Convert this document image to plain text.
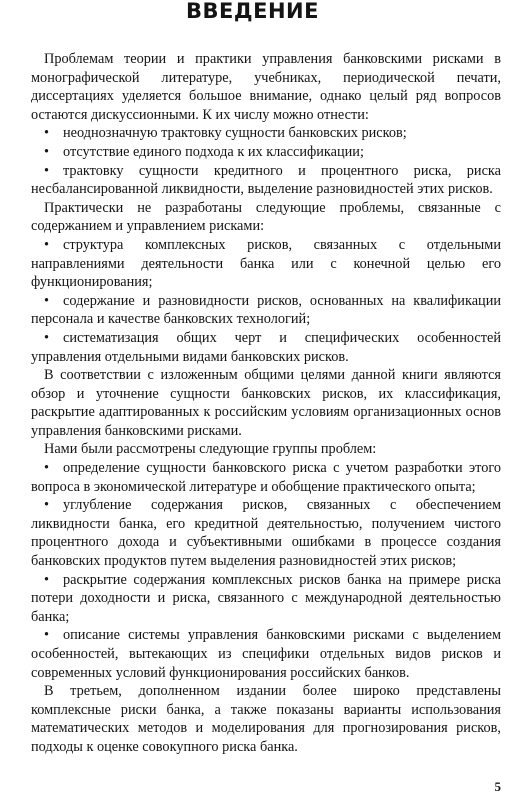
ВВЕДЕНИЕ

Проблемам теории и практики управления банковскими рисками в монографической литературе, учебниках, периодической печати, диссертациях уделяется большое внимание, однако целый ряд вопросов остаются дискуссионными. К их числу можно отнести:

• неоднозначную трактовку сущности банковских рисков;

• отсутствие единого подхода к их классификации;

• трактовку сущности кредитного и процентного риска, риска несбалансированной ликвидности, выделение разновидностей этих рисков.

Практически не разработаны следующие проблемы, связанные с содержанием и управлением рисками:

• структура комплексных рисков, связанных с отдельными направлениями деятельности банка или с конечной целью его функционирования;

• содержание и разновидности рисков, основанных на квалификации персонала и качестве банковских технологий;

• систематизация общих черт и специфических особенностей управления отдельными видами банковских рисков.

В соответствии с изложенным общими целями данной книги являются обзор и уточнение сущности банковских рисков, их классификация, раскрытие адаптированных к российским условиям организационных основ управления банковскими рисками.

Нами были рассмотрены следующие группы проблем:

• определение сущности банковского риска с учетом разработки этого вопроса в экономической литературе и обобщение практического опыта;

• углубление содержания рисков, связанных с обеспечением ликвидности банка, его кредитной деятельностью, получением чистого процентного дохода и субъективными ошибками в процессе создания банковских продуктов путем выделения разновидностей этих рисков;

• раскрытие содержания комплексных рисков банка на примере риска потери доходности и риска, связанного с международной деятельностью банка;

• описание системы управления банковскими рисками с выделением особенностей, вытекающих из специфики отдельных видов рисков и современных условий функционирования российских банков.

В третьем, дополненном издании более широко представлены комплексные риски банка, а также показаны варианты использования математических методов и моделирования для прогнозирования рисков, подходы к оценке совокупного риска банка.

5
